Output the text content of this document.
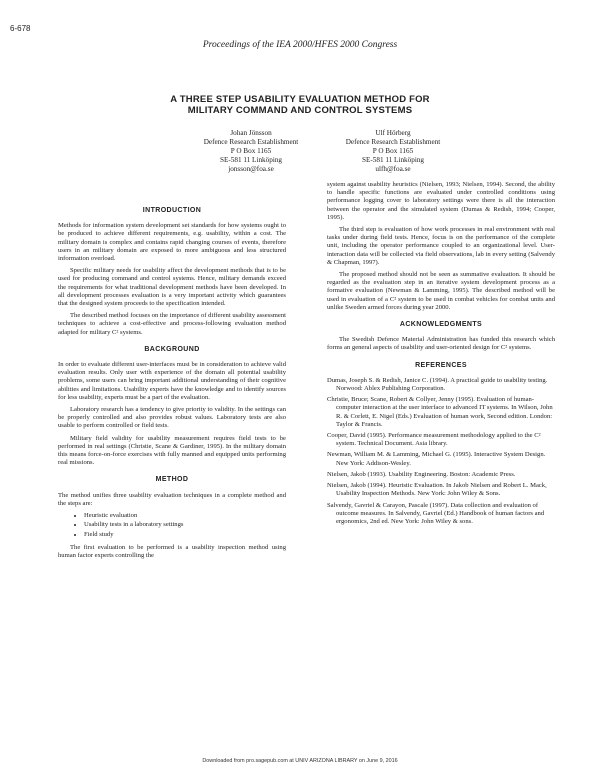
6-678
Proceedings of the IEA 2000/HFES 2000 Congress
A THREE STEP USABILITY EVALUATION METHOD FOR
MILITARY COMMAND AND CONTROL SYSTEMS
Johan Jönsson
Defence Research Establishment
P O Box 1165
SE-581 11 Linköping
jonsson@foa.se
Ulf Hörberg
Defence Research Establishment
P O Box 1165
SE-581 11 Linköping
ulfh@foa.se
INTRODUCTION

Methods for information system development set standards for how systems ought to be produced to achieve different requirements, e.g. usability, within a cost. The military domain is complex and contains rapid changing courses of events, therefore users in an military domain are exposed to more ambiguous and less structured information overload.

Specific military needs for usability affect the development methods that is to be used for producing command and control systems. Hence, military demands exceed the requirements for what traditional development methods have been developed. In all development processes evaluation is a very important activity which guarantees that the designed system proceeds to the specification intended.

The described method focuses on the importance of different usability assessment techniques to achieve a cost-effective and process-following evaluation method adapted for military C² systems.

BACKGROUND

In order to evaluate different user-interfaces must be in consideration to achieve valid evaluation results. Only user with experience of the domain all potential usability problems, some users can bring important additional understanding of their cognitive abilities and limitations. Usability experts have the knowledge and to identify sources for less usability, experts must be a part of the evaluation.

Laboratory research has a tendency to give priority to validity. In the settings can be properly controlled and also provides robust values. Laboratory tests are also usable to perform controlled or field tests.

Military field validity for usability measurement requires field tests to be performed in real settings (Christie, Scane & Gardiner, 1995). In the military domain this means force-on-force exercises with fully manned and equipped units performing real missions.

METHOD

The method unifies three usability evaluation techniques in a complete method and the steps are:

• Heuristic evaluation
• Usability tests in a laboratory settings
• Field study

The first evaluation to be performed is a usability inspection method using human factor experts controlling the

system against usability heuristics (Nielsen, 1993; Nielsen, 1994). Second, the ability to handle specific functions are evaluated under controlled conditions using performance logging cover to laboratory settings were there is all the interaction between the operator and the simulated system (Dumas & Redish, 1994; Cooper, 1995).

The third step is evaluation of how work processes in real environment with real tasks under during field tests. Hence, focus is on the performance of the complete unit, including the operator performance coupled to an organizational level. User-interaction data will be collected via field observations, lab in every setting (Salvendy & Chapman, 1997).

The proposed method should not be seen as summative evaluation. It should be regarded as the evaluation step in an iterative system development process as a formative evaluation (Newman & Lamming, 1995). The described method will be used in evaluation of a C² system to be used in combat vehicles for combat units and unlike Sweden armed forces during year 2000.

ACKNOWLEDGMENTS

The Swedish Defence Material Administration has funded this research which forms an general aspects of usability and user-oriented design for C² systems.

REFERENCES

Dumas, Joseph S. & Redish, Janice C. (1994). A practical guide to usability testing. Norwood: Ablex Publishing Corporation.

Christie, Bruce; Scane, Robert & Collyer, Jenny (1995). Evaluation of human-computer interaction at the user interface to advanced IT systems. In Wilson, John R. & Corlett, E. Nigel (Eds.) Evaluation of human work, Second edition. London: Taylor & Francis.

Cooper, David (1995). Performance measurement methodology applied to the C² system. Technical Document. Asia library.

Newman, William M. & Lamming, Michael G. (1995). Interactive System Design. New York: Addison-Wesley.

Nielsen, Jakob (1993). Usability Engineering. Boston: Academic Press.

Nielsen, Jakob (1994). Heuristic Evaluation. In Jakob Nielsen and Robert L. Mack, Usability Inspection Methods. New York: John Wiley & Sons.

Salvendy, Gavriel & Carayon, Pascale (1997). Data collection and evaluation of outcome measures. In Salvendy, Gavriel (Ed.) Handbook of human factors and ergonomics, 2nd ed. New York: John Wiley & sons.

Downloaded from pro.sagepub.com at UNIV ARIZONA LIBRARY on June 9, 2016
